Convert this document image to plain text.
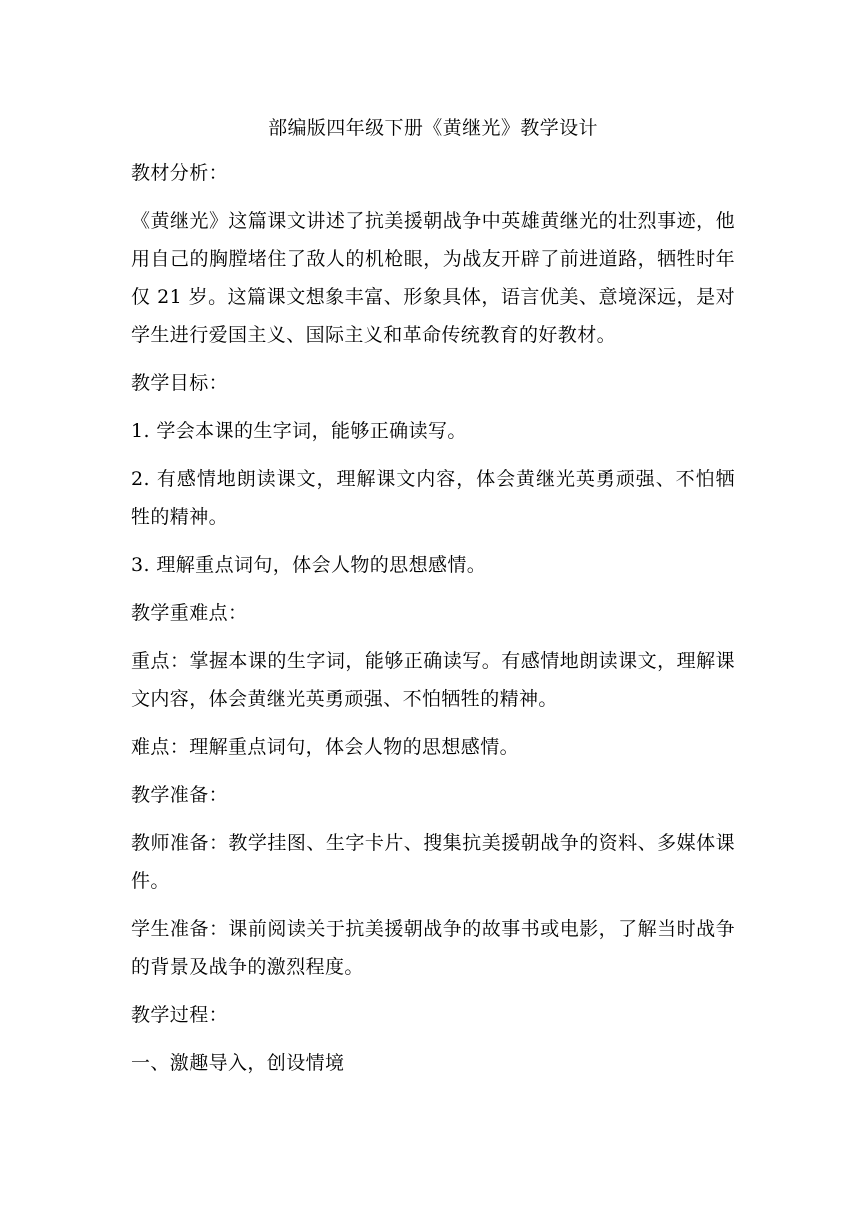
部编版四年级下册《黄继光》教学设计

教材分析：

《黄继光》这篇课文讲述了抗美援朝战争中英雄黄继光的壮烈事迹，他用自己的胸膛堵住了敌人的机枪眼，为战友开辟了前进道路，牺牲时年仅 21 岁。这篇课文想象丰富、形象具体，语言优美、意境深远，是对学生进行爱国主义、国际主义和革命传统教育的好教材。

教学目标：

1. 学会本课的生字词，能够正确读写。

2. 有感情地朗读课文，理解课文内容，体会黄继光英勇顽强、不怕牺牲的精神。

3. 理解重点词句，体会人物的思想感情。

教学重难点：

重点：掌握本课的生字词，能够正确读写。有感情地朗读课文，理解课文内容，体会黄继光英勇顽强、不怕牺牲的精神。

难点：理解重点词句，体会人物的思想感情。

教学准备：

教师准备：教学挂图、生字卡片、搜集抗美援朝战争的资料、多媒体课件。

学生准备：课前阅读关于抗美援朝战争的故事书或电影，了解当时战争的背景及战争的激烈程度。

教学过程：

一、激趣导入，创设情境
